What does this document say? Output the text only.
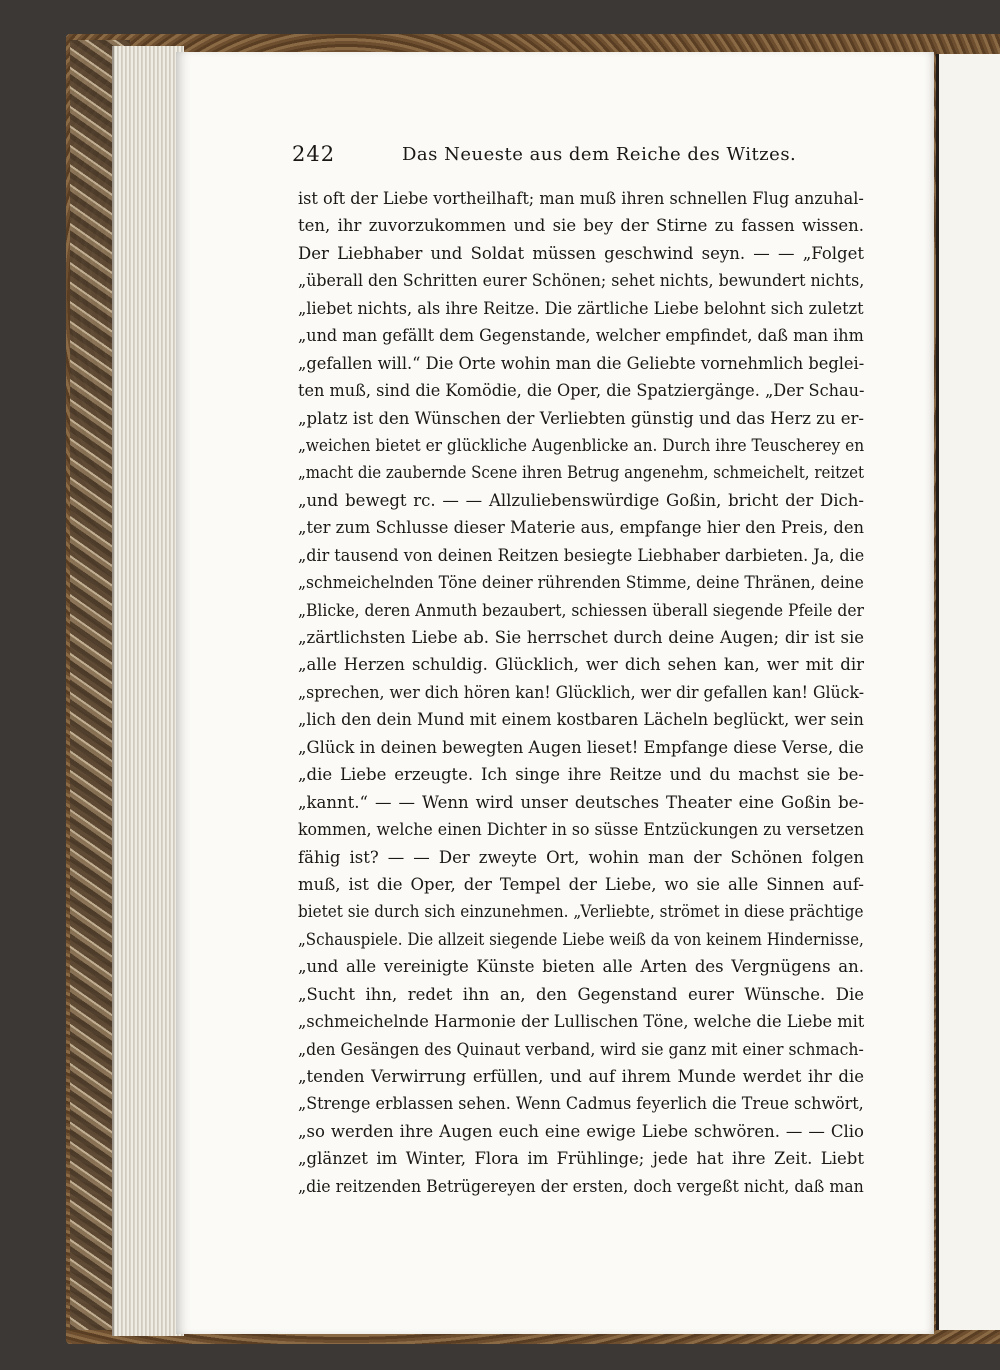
242	Das Neueste aus dem Reiche des Witzes.
ist oft der Liebe vortheilhaft; man muß ihren schnellen Flug anzuhal-
ten, ihr zuvorzukommen und sie bey der Stirne zu fassen wissen.
Der Liebhaber und Soldat müssen geschwind seyn. — — „Folget
„überall den Schritten eurer Schönen; sehet nichts, bewundert nichts,
„liebet nichts, als ihre Reitze. Die zärtliche Liebe belohnt sich zuletzt
„und man gefällt dem Gegenstande, welcher empfindet, daß man ihm
„gefallen will.“ Die Orte wohin man die Geliebte vornehmlich beglei-
ten muß, sind die Komödie, die Oper, die Spatziergänge. „Der Schau-
„platz ist den Wünschen der Verliebten günstig und das Herz zu er-
„weichen bietet er glückliche Augenblicke an. Durch ihre Teuscherey en
„macht die zaubernde Scene ihren Betrug angenehm, schmeichelt, reitzet
„und bewegt rc. — — Allzuliebenswürdige Goßin, bricht der Dich-
„ter zum Schlusse dieser Materie aus, empfange hier den Preis, den
„dir tausend von deinen Reitzen besiegte Liebhaber darbieten. Ja, die
„schmeichelnden Töne deiner rührenden Stimme, deine Thränen, deine
„Blicke, deren Anmuth bezaubert, schiessen überall siegende Pfeile der
„zärtlichsten Liebe ab. Sie herrschet durch deine Augen; dir ist sie
„alle Herzen schuldig. Glücklich, wer dich sehen kan, wer mit dir
„sprechen, wer dich hören kan! Glücklich, wer dir gefallen kan! Glück-
„lich den dein Mund mit einem kostbaren Lächeln beglückt, wer sein
„Glück in deinen bewegten Augen lieset! Empfange diese Verse, die
„die Liebe erzeugte. Ich singe ihre Reitze und du machst sie be-
„kannt.“ — — Wenn wird unser deutsches Theater eine Goßin be-
kommen, welche einen Dichter in so süsse Entzückungen zu versetzen
fähig ist? — — Der zweyte Ort, wohin man der Schönen folgen
muß, ist die Oper, der Tempel der Liebe, wo sie alle Sinnen auf-
bietet sie durch sich einzunehmen. „Verliebte, strömet in diese prächtige
„Schauspiele. Die allzeit siegende Liebe weiß da von keinem Hindernisse,
„und alle vereinigte Künste bieten alle Arten des Vergnügens an.
„Sucht ihn, redet ihn an, den Gegenstand eurer Wünsche. Die
„schmeichelnde Harmonie der Lullischen Töne, welche die Liebe mit
„den Gesängen des Quinaut verband, wird sie ganz mit einer schmach-
„tenden Verwirrung erfüllen, und auf ihrem Munde werdet ihr die
„Strenge erblassen sehen. Wenn Cadmus feyerlich die Treue schwört,
„so werden ihre Augen euch eine ewige Liebe schwören. — — Clio
„glänzet im Winter, Flora im Frühlinge; jede hat ihre Zeit. Liebt
„die reitzenden Betrügereyen der ersten, doch vergeßt nicht, daß man
